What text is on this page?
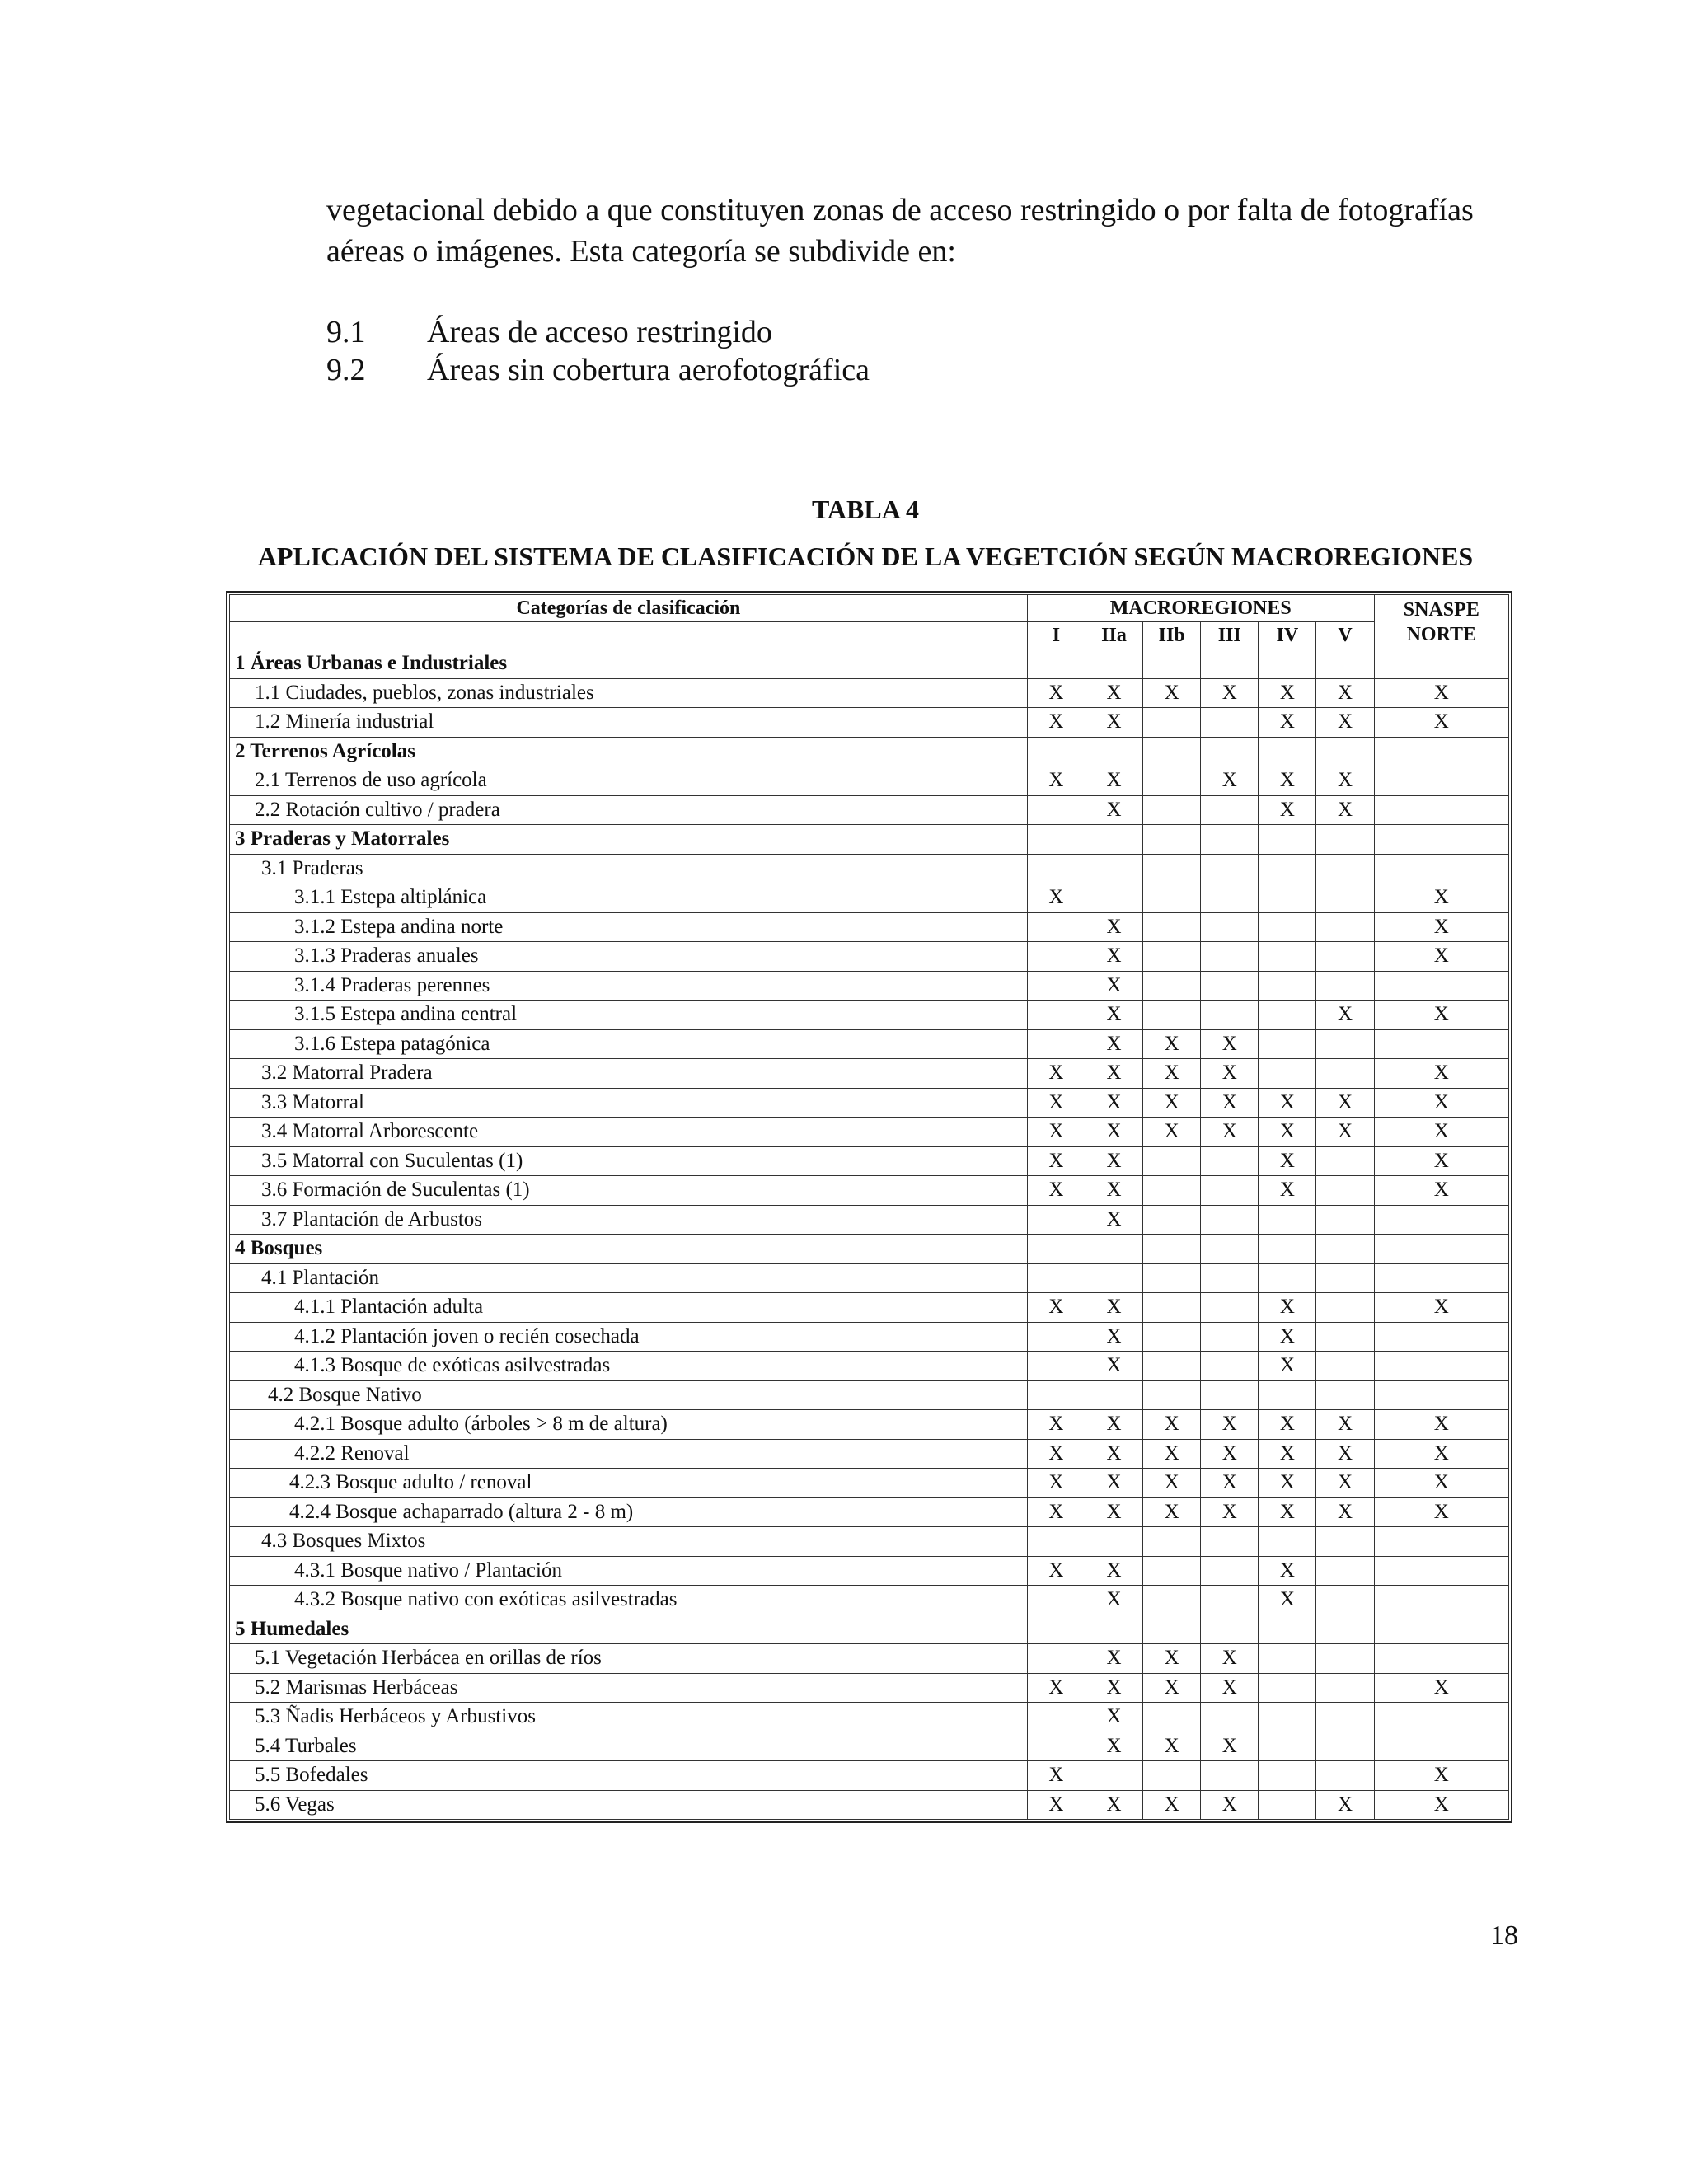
vegetacional debido a que constituyen zonas de acceso restringido o por falta de fotografías aéreas o imágenes. Esta categoría se subdivide en:

9.1 Áreas de acceso restringido
9.2 Áreas sin cobertura aerofotográfica
TABLA 4
APLICACIÓN DEL SISTEMA DE CLASIFICACIÓN DE LA VEGETCIÓN SEGÚN MACROREGIONES
Categorías de clasificación	MACROREGIONES						SNASPE
NORTE
	I	IIa	IIb	III	IV	V	
1 Áreas Urbanas e Industriales							
1.1 Ciudades, pueblos, zonas industriales	X	X	X	X	X	X	X
1.2 Minería industrial	X	X			X	X	X
2 Terrenos Agrícolas							
2.1 Terrenos de uso agrícola	X	X		X	X	X	
2.2 Rotación cultivo / pradera		X			X	X	
3 Praderas y Matorrales							
3.1 Praderas							
3.1.1 Estepa altiplánica	X						X
3.1.2 Estepa andina norte		X					X
3.1.3 Praderas anuales		X					X
3.1.4 Praderas perennes		X					
3.1.5 Estepa andina central		X				X	X
3.1.6 Estepa patagónica		X	X	X			
3.2 Matorral Pradera	X	X	X	X			X
3.3 Matorral	X	X	X	X	X	X	X
3.4 Matorral Arborescente	X	X	X	X	X	X	X
3.5 Matorral con Suculentas (1)	X	X			X		X
3.6 Formación de Suculentas (1)	X	X			X		X
3.7 Plantación de Arbustos		X					
4 Bosques							
4.1 Plantación							
4.1.1 Plantación adulta	X	X			X		X
4.1.2 Plantación joven o recién cosechada		X			X		
4.1.3 Bosque de exóticas asilvestradas		X			X		
4.2 Bosque Nativo							
4.2.1 Bosque adulto (árboles > 8 m de altura)	X	X	X	X	X	X	X
4.2.2 Renoval	X	X	X	X	X	X	X
4.2.3 Bosque adulto / renoval	X	X	X	X	X	X	X
4.2.4 Bosque achaparrado (altura 2 - 8 m)	X	X	X	X	X	X	X
4.3 Bosques Mixtos							
4.3.1 Bosque nativo / Plantación	X	X			X		
4.3.2 Bosque nativo con exóticas asilvestradas		X			X		
5 Humedales							
5.1 Vegetación Herbácea en orillas de ríos		X	X	X			
5.2 Marismas Herbáceas	X	X	X	X			X
5.3 Ñadis Herbáceos y Arbustivos		X					
5.4 Turbales		X	X	X			
5.5 Bofedales	X						X
5.6 Vegas	X	X	X	X		X	X
18
